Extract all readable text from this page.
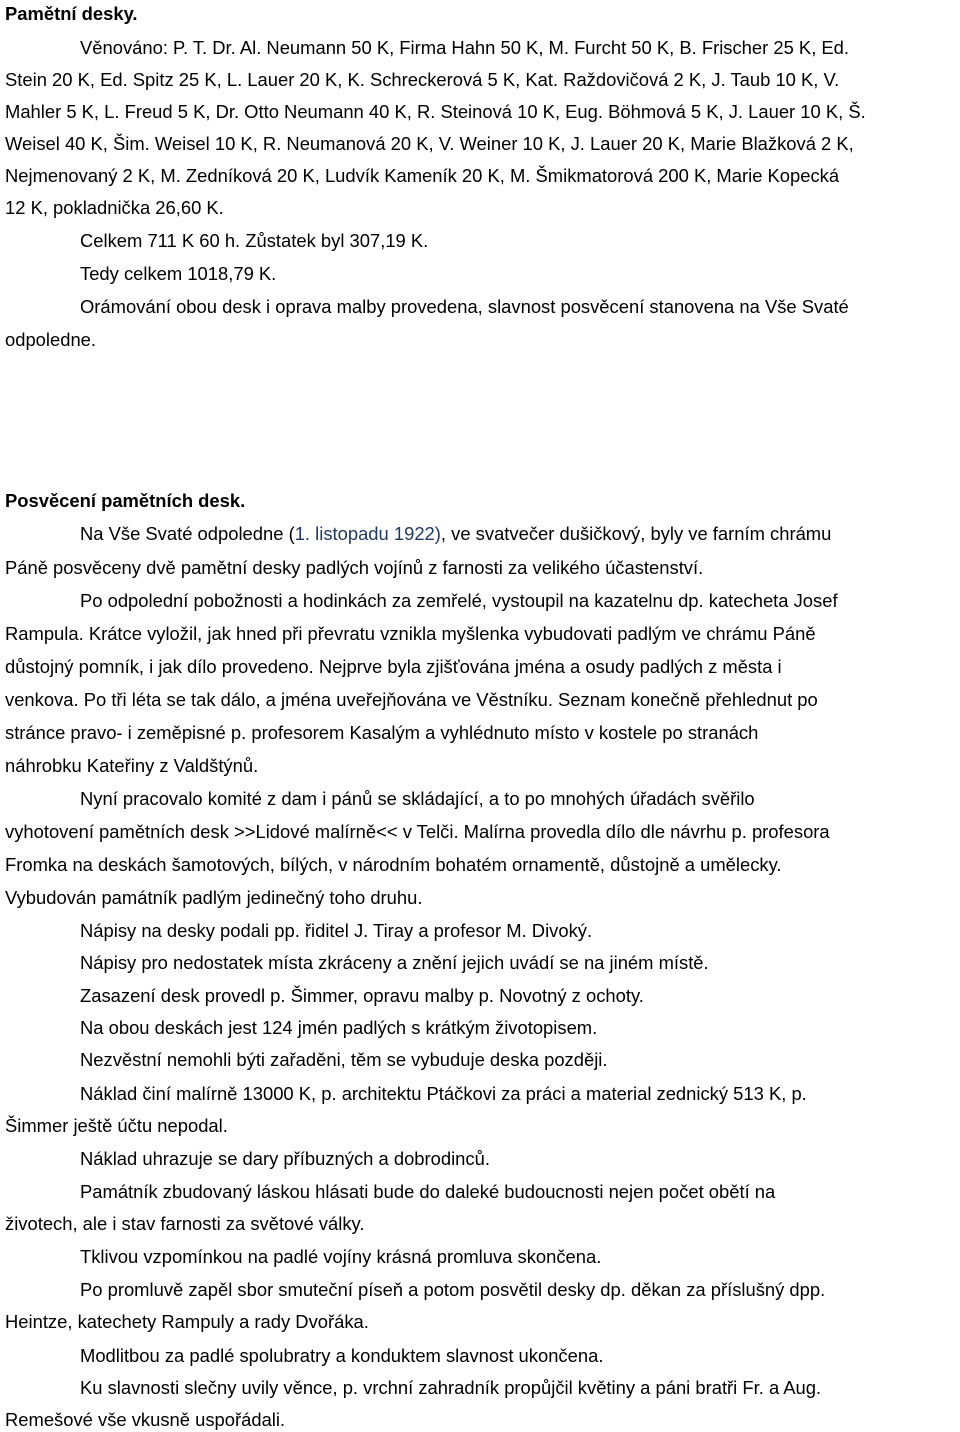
Pamětní desky.

Věnováno: P. T. Dr. Al. Neumann 50 K, Firma Hahn 50 K, M. Furcht 50 K, B. Frischer 25 K, Ed.

Stein 20 K, Ed. Spitz 25 K, L. Lauer 20 K, K. Schreckerová 5 K, Kat. Raždovičová 2 K, J. Taub 10 K, V.

Mahler 5 K, L. Freud 5 K, Dr. Otto Neumann 40 K, R. Steinová 10 K, Eug. Böhmová 5 K, J. Lauer 10 K, Š.

Weisel 40 K, Šim. Weisel 10 K, R. Neumanová 20 K, V. Weiner 10 K, J. Lauer 20 K, Marie Blažková 2 K,

Nejmenovaný 2 K, M. Zedníková 20 K, Ludvík Kameník 20 K, M. Šmikmatorová 200 K, Marie Kopecká

12 K, pokladnička 26,60 K.

Celkem 711 K 60 h. Zůstatek byl 307,19 K.

Tedy celkem 1018,79 K.

Orámování obou desk i oprava malby provedena, slavnost posvěcení stanovena na Vše Svaté

odpoledne.

Posvěcení pamětních desk.

Na Vše Svaté odpoledne (1. listopadu 1922), ve svatvečer dušičkový, byly ve farním chrámu

Páně posvěceny dvě pamětní desky padlých vojínů z farnosti za velikého účastenství.

Po odpolední pobožnosti a hodinkách za zemřelé, vystoupil na kazatelnu dp. katecheta Josef

Rampula. Krátce vyložil, jak hned při převratu vznikla myšlenka vybudovati padlým ve chrámu Páně

důstojný pomník, i jak dílo provedeno. Nejprve byla zjišťována jména a osudy padlých z města i

venkova. Po tři léta se tak dálo, a jména uveřejňována ve Věstníku. Seznam konečně přehlednut po

stránce pravo- i zeměpisné p. profesorem Kasalým a vyhlédnuto místo v kostele po stranách

náhrobku Kateřiny z Valdštýnů.

Nyní pracovalo komité z dam i pánů se skládající, a to po mnohých úřadách svěřilo

vyhotovení pamětních desk >>Lidové malírně<< v Telči. Malírna provedla dílo dle návrhu p. profesora

Fromka na deskách šamotových, bílých, v národním bohatém ornamentě, důstojně a umělecky.

Vybudován památník padlým jedinečný toho druhu.

Nápisy na desky podali pp. řiditel J. Tiray a profesor M. Divoký.

Nápisy pro nedostatek místa zkráceny a znění jejich uvádí se na jiném místě.

Zasazení desk provedl p. Šimmer, opravu malby p. Novotný z ochoty.

Na obou deskách jest 124 jmén padlých s krátkým životopisem.

Nezvěstní nemohli býti zařaděni, těm se vybuduje deska později.

Náklad činí malírně 13000 K, p. architektu Ptáčkovi za práci a material zednický 513 K, p.

Šimmer ještě účtu nepodal.

Náklad uhrazuje se dary příbuzných a dobrodinců.

Památník zbudovaný láskou hlásati bude do daleké budoucnosti nejen počet obětí na

životech, ale i stav farnosti za světové války.

Tklivou vzpomínkou na padlé vojíny krásná promluva skončena.

Po promluvě zapěl sbor smuteční píseň a potom posvětil desky dp. děkan za příslušný dpp.

Heintze, katechety Rampuly a rady Dvořáka.

Modlitbou za padlé spolubratry a konduktem slavnost ukončena.

Ku slavnosti slečny uvily věnce, p. vrchní zahradník propůjčil květiny a páni bratři Fr. a Aug.

Remešové vše vkusně uspořádali.
